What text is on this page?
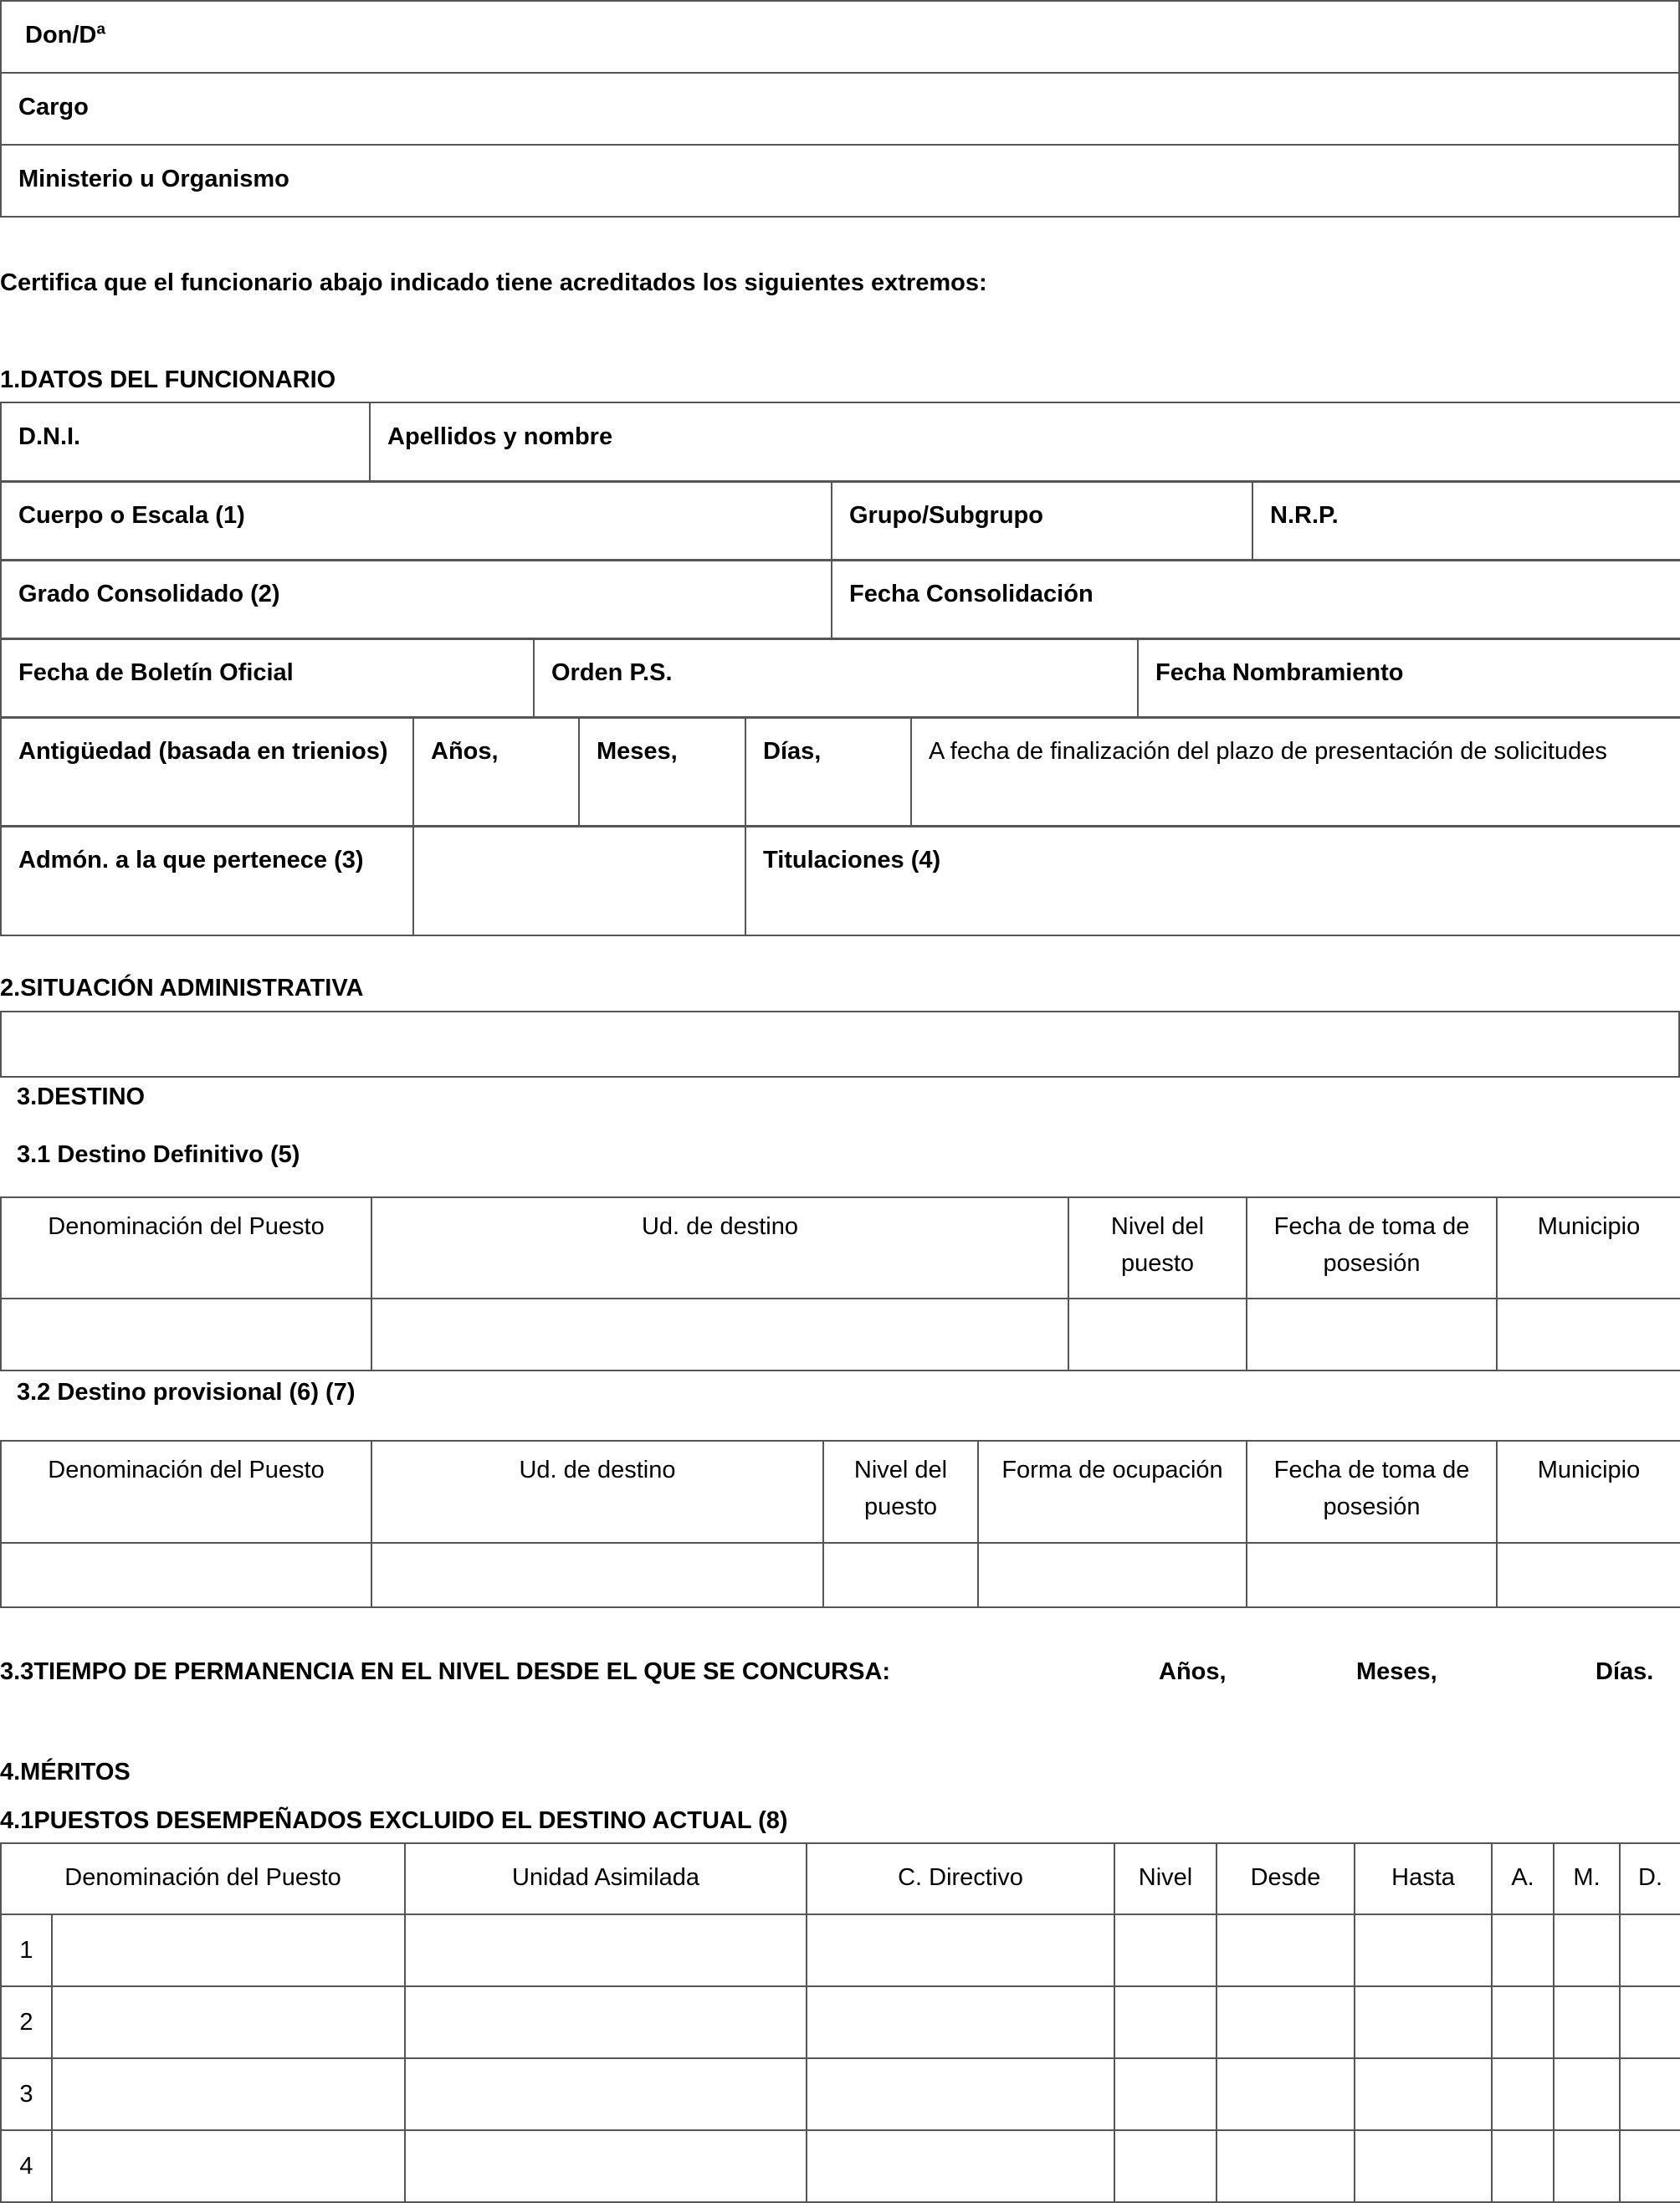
Don/Dª
Cargo
Ministerio u Organismo
Certifica que el funcionario abajo indicado tiene acreditados los siguientes extremos:
1.DATOS DEL FUNCIONARIO
D.N.I.	Apellidos y nombre
Cuerpo o Escala (1)	Grupo/Subgrupo	N.R.P.
Grado Consolidado (2)	Fecha Consolidación
Fecha de Boletín Oficial	Orden P.S.	Fecha Nombramiento
Antigüedad (basada en trienios)	Años,	Meses,	Días,	A fecha de finalización del plazo de presentación de solicitudes
Admón. a la que pertenece (3)		Titulaciones (4)
2.SITUACIÓN ADMINISTRATIVA
3.DESTINO
3.1 Destino Definitivo (5)
Denominación del Puesto	Ud. de destino	Nivel del puesto	Fecha de toma de posesión	Municipio

3.2 Destino provisional (6) (7)
Denominación del Puesto	Ud. de destino	Nivel del puesto	Forma de ocupación	Fecha de toma de posesión	Municipio

3.3TIEMPO DE PERMANENCIA EN EL NIVEL DESDE EL QUE SE CONCURSA:	Años,	Meses,	Días.
4.MÉRITOS
4.1PUESTOS DESEMPEÑADOS EXCLUIDO EL DESTINO ACTUAL (8)
Denominación del Puesto		Unidad Asimilada	C. Directivo	Nivel	Desde	Hasta	A.	M.	D.
1									
2									
3									
4									
